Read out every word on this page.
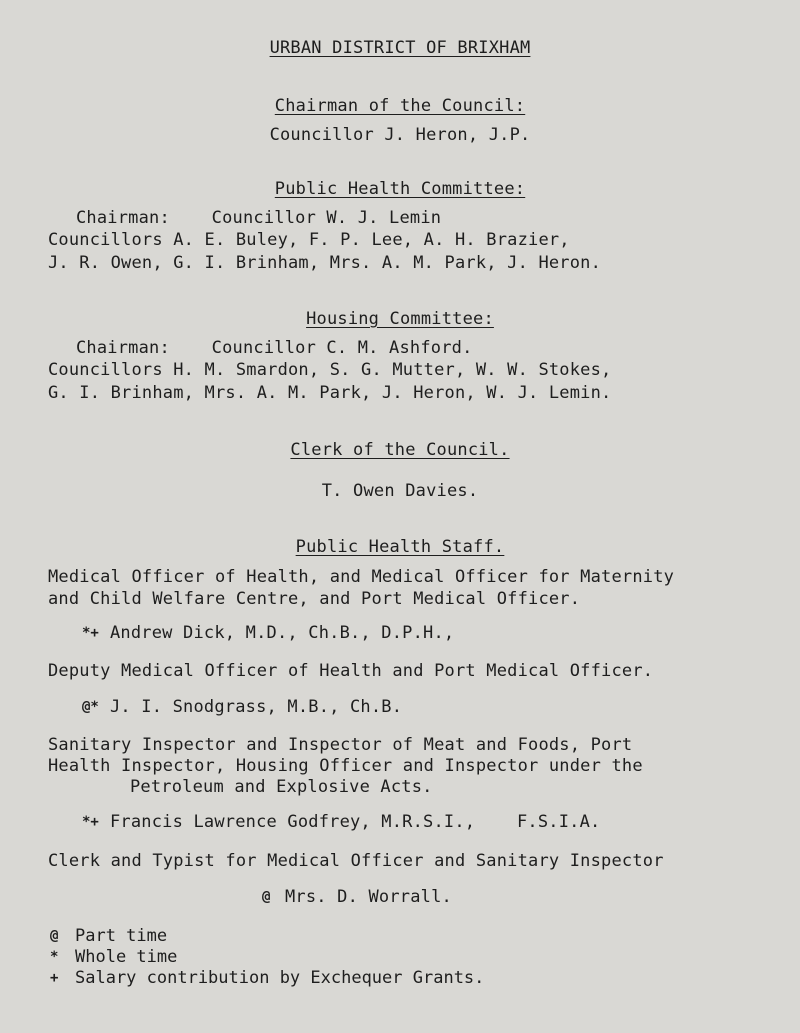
URBAN DISTRICT OF BRIXHAM
Chairman of the Council:
Councillor J. Heron, J.P.
Public Health Committee:
Chairman:    Councillor W. J. Lemin
Councillors A. E. Buley, F. P. Lee, A. H. Brazier,
J. R. Owen, G. I. Brinham, Mrs. A. M. Park, J. Heron.
Housing Committee:
Chairman:    Councillor C. M. Ashford.
Councillors H. M. Smardon, S. G. Mutter, W. W. Stokes,
G. I. Brinham, Mrs. A. M. Park, J. Heron, W. J. Lemin.
Clerk of the Council.
T. Owen Davies.
Public Health Staff.
Medical Officer of Health, and Medical Officer for Maternity
and Child Welfare Centre, and Port Medical Officer.
*+ Andrew Dick, M.D., Ch.B., D.P.H.,
Deputy Medical Officer of Health and Port Medical Officer.
@* J. I. Snodgrass, M.B., Ch.B.
Sanitary Inspector and Inspector of Meat and Foods, Port
Health Inspector, Housing Officer and Inspector under the
Petroleum and Explosive Acts.
*+ Francis Lawrence Godfrey, M.R.S.I.,    F.S.I.A.
Clerk and Typist for Medical Officer and Sanitary Inspector
@ Mrs. D. Worrall.
@ Part time
* Whole time
+ Salary contribution by Exchequer Grants.
